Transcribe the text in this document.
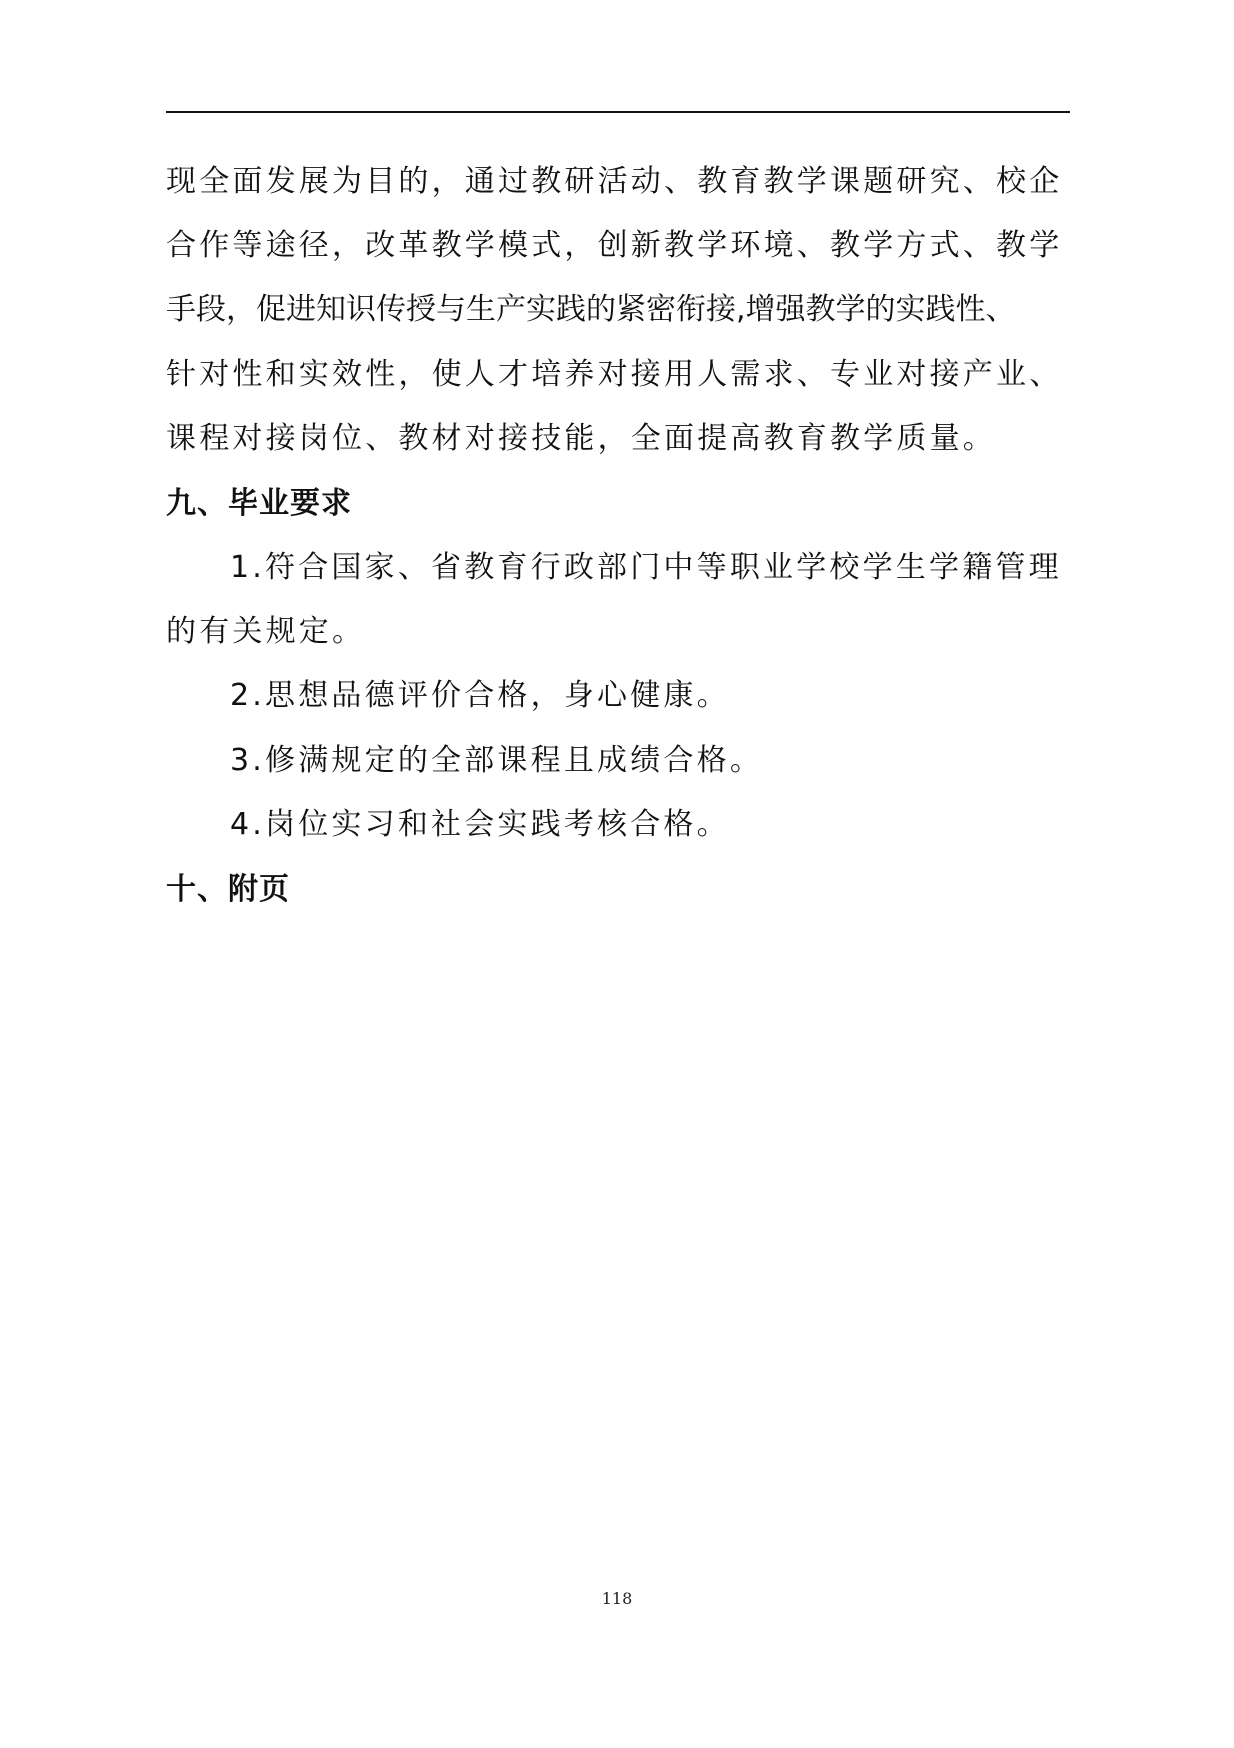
现全面发展为目的，通过教研活动、教育教学课题研究、校企
合作等途径，改革教学模式，创新教学环境、教学方式、教学
手段，促进知识传授与生产实践的紧密衔接,增强教学的实践性、
针对性和实效性，使人才培养对接用人需求、专业对接产业、
课程对接岗位、教材对接技能，全面提高教育教学质量。
九、毕业要求
1.符合国家、省教育行政部门中等职业学校学生学籍管理
的有关规定。
2.思想品德评价合格，身心健康。
3.修满规定的全部课程且成绩合格。
4.岗位实习和社会实践考核合格。
十、附页
118
